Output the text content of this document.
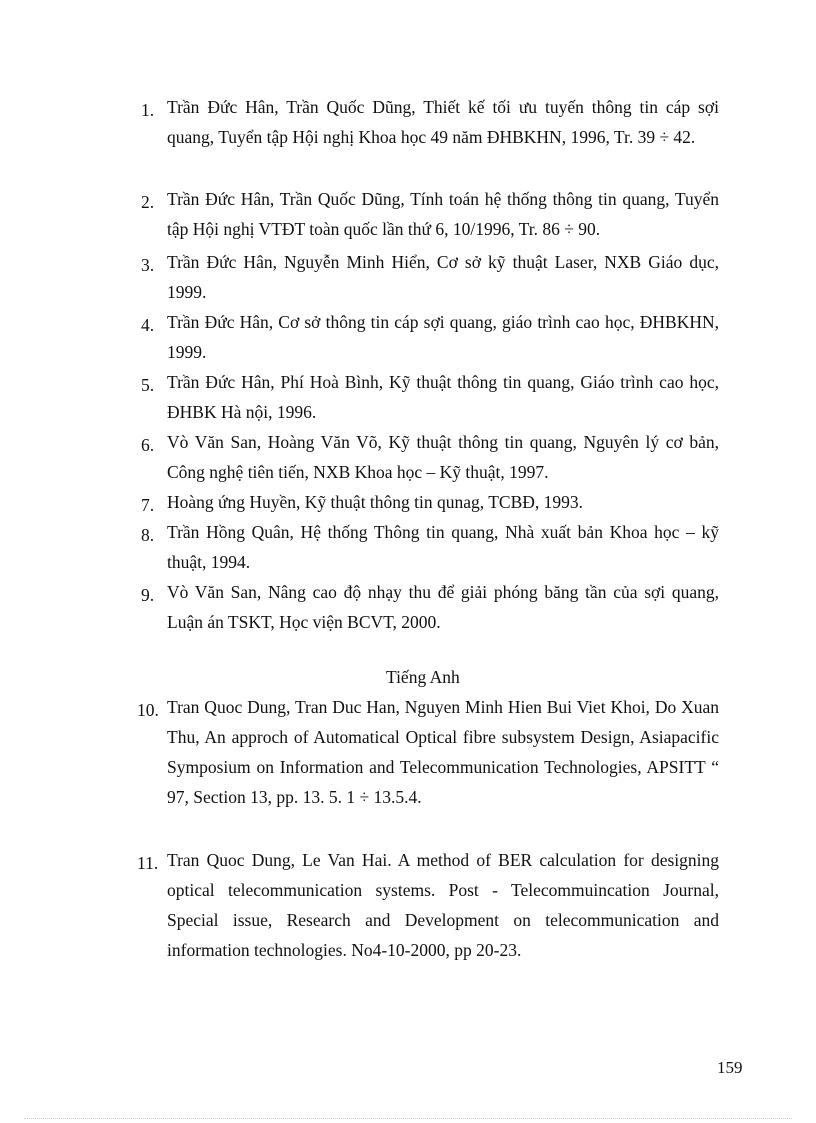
1. Trần Đức Hân, Trần Quốc Dũng, Thiết kế tối ưu tuyến thông tin cáp sợi quang, Tuyển tập Hội nghị Khoa học 49 năm ĐHBKHN, 1996, Tr. 39 ÷ 42.
2. Trần Đức Hân, Trần Quốc Dũng, Tính toán hệ thống thông tin quang, Tuyển tập Hội nghị VTĐT toàn quốc lần thứ 6, 10/1996, Tr. 86 ÷ 90.
3. Trần Đức Hân, Nguyễn Minh Hiển, Cơ sở kỹ thuật Laser, NXB Giáo dục, 1999.
4. Trần Đức Hân, Cơ sở thông tin cáp sợi quang, giáo trình cao học, ĐHBKHN, 1999.
5. Trần Đức Hân, Phí Hoà Bình, Kỹ thuật thông tin quang, Giáo trình cao học, ĐHBK Hà nội, 1996.
6. Vò Văn San, Hoàng Văn Võ, Kỹ thuật thông tin quang, Nguyên lý cơ bản, Công nghệ tiên tiến, NXB Khoa học – Kỹ thuật, 1997.
7. Hoàng ứng Huyền, Kỹ thuật thông tin qunag, TCBĐ, 1993.
8. Trần Hồng Quân, Hệ thống Thông tin quang, Nhà xuất bản Khoa học – kỹ thuật, 1994.
9. Vò Văn San, Nâng cao độ nhạy thu để giải phóng băng tần của sợi quang, Luận án TSKT, Học viện BCVT, 2000.
Tiếng Anh
10. Tran Quoc Dung, Tran Duc Han, Nguyen Minh Hien Bui Viet Khoi, Do Xuan Thu, An approch of Automatical Optical fibre subsystem Design, Asiapacific Symposium on Information and Telecommunication Technologies, APSITT “ 97, Section 13, pp. 13. 5. 1 ÷ 13.5.4.
11. Tran Quoc Dung, Le Van Hai. A method of BER calculation for designing optical telecommunication systems. Post - Telecommuincation Journal, Special issue, Research and Development on telecommunication and information technologies. No4-10-2000, pp 20-23.
159
